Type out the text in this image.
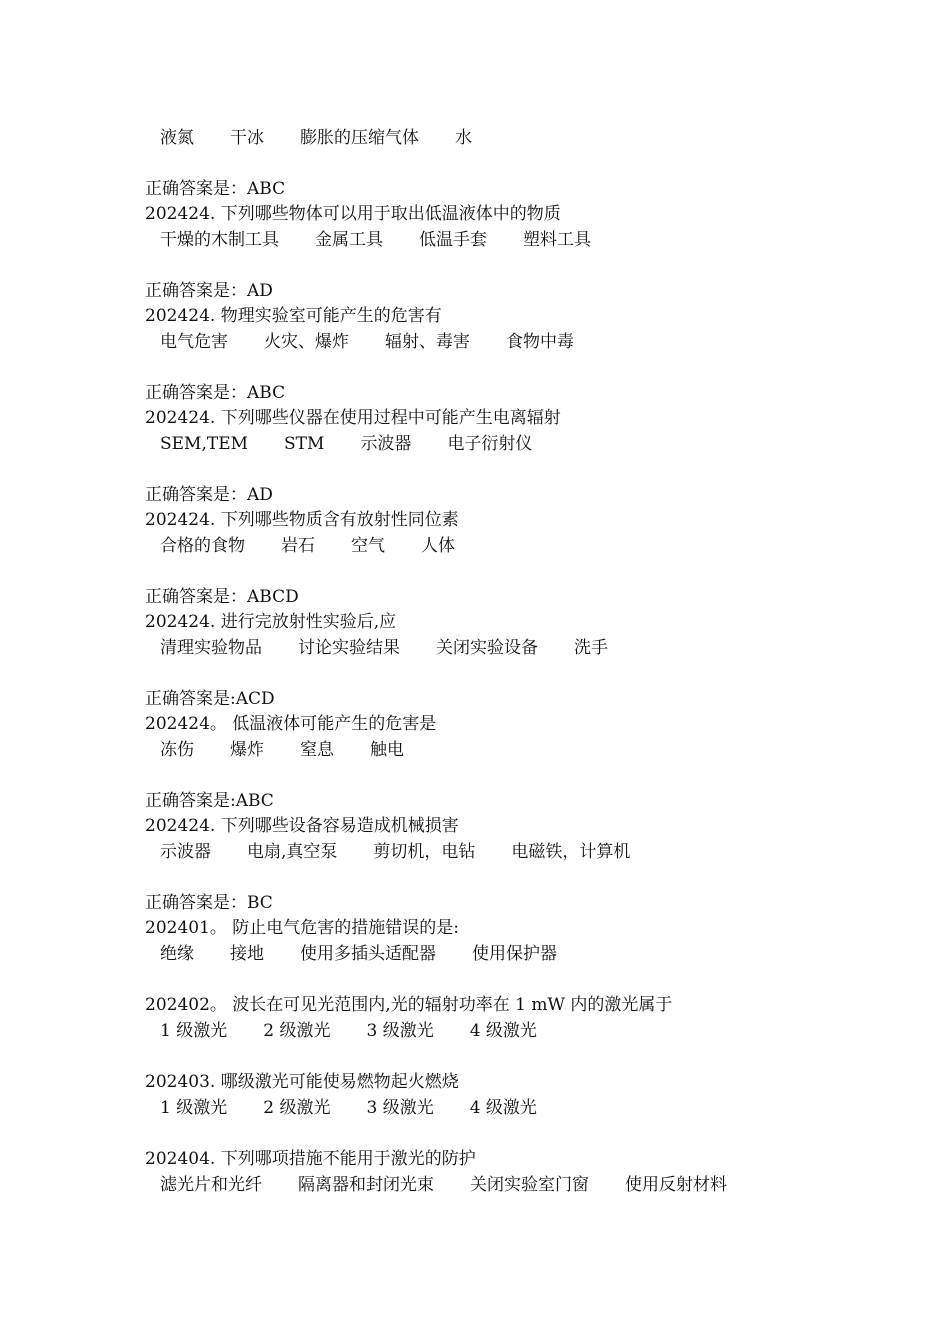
液氮 干冰 膨胀的压缩气体 水
正确答案是：ABC
202424. 下列哪些物体可以用于取出低温液体中的物质
干燥的木制工具 金属工具 低温手套 塑料工具
正确答案是：AD
202424. 物理实验室可能产生的危害有
电气危害 火灾、爆炸 辐射、毒害 食物中毒
正确答案是：ABC
202424. 下列哪些仪器在使用过程中可能产生电离辐射
SEM,TEM STM 示波器 电子衍射仪
正确答案是：AD
202424. 下列哪些物质含有放射性同位素
合格的食物 岩石 空气 人体
正确答案是：ABCD
202424. 进行完放射性实验后,应
清理实验物品 讨论实验结果 关闭实验设备 洗手
正确答案是:ACD
202424。 低温液体可能产生的危害是
冻伤 爆炸 窒息 触电
正确答案是:ABC
202424. 下列哪些设备容易造成机械损害
示波器 电扇,真空泵 剪切机，电钻 电磁铁，计算机
正确答案是：BC
202401。 防止电气危害的措施错误的是:
绝缘 接地 使用多插头适配器 使用保护器
202402。 波长在可见光范围内,光的辐射功率在 1 mW 内的激光属于
1 级激光 2 级激光 3 级激光 4 级激光
202403. 哪级激光可能使易燃物起火燃烧
1 级激光 2 级激光 3 级激光 4 级激光
202404. 下列哪项措施不能用于激光的防护
滤光片和光纤 隔离器和封闭光束 关闭实验室门窗 使用反射材料
